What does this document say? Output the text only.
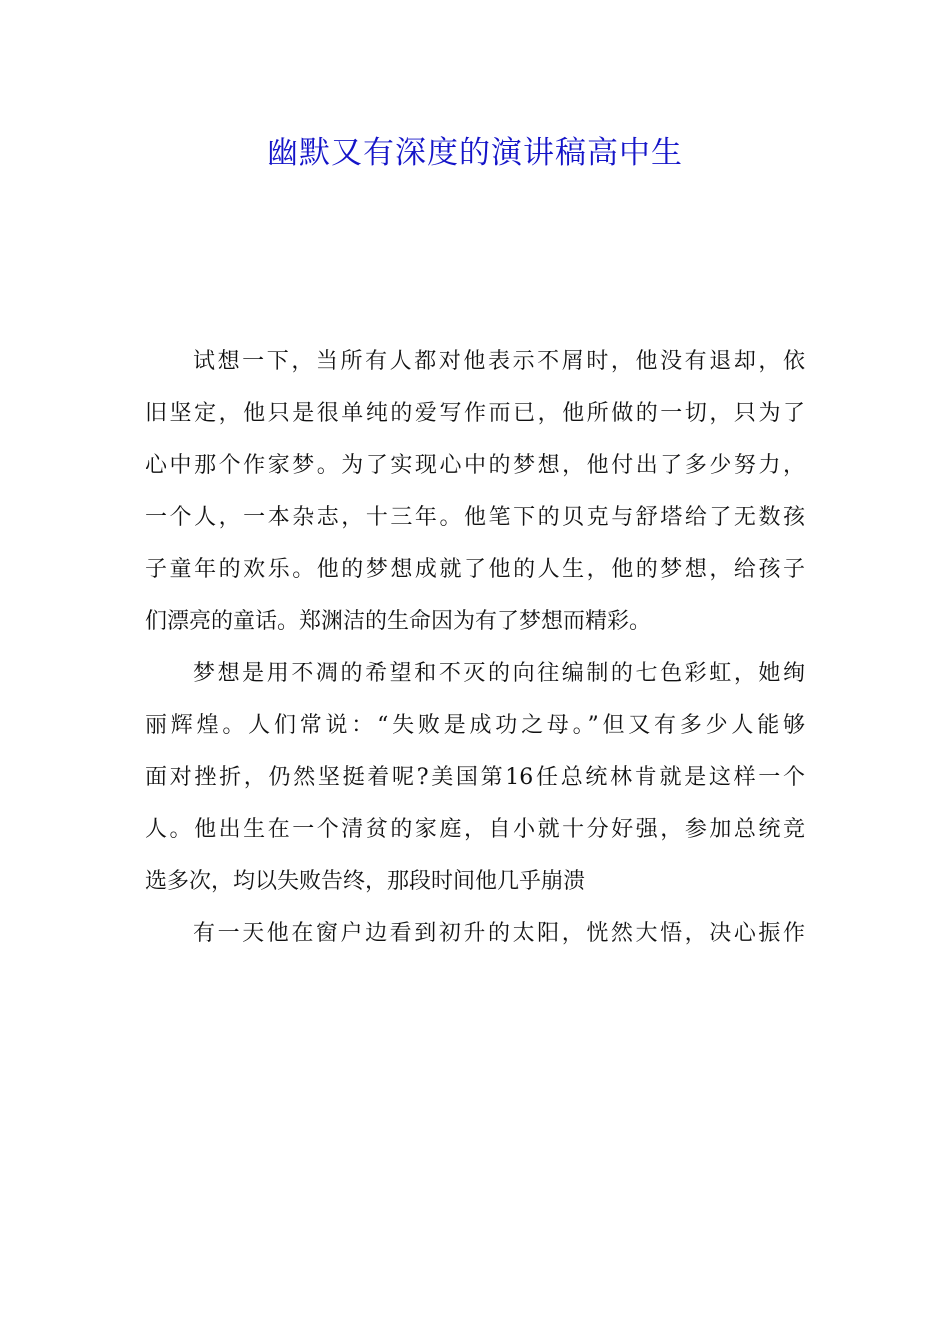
幽默又有深度的演讲稿高中生
试想一下，当所有人都对他表示不屑时，他没有退却，依
旧坚定，他只是很单纯的爱写作而已，他所做的一切，只为了
心中那个作家梦。为了实现心中的梦想，他付出了多少努力，
一个人，一本杂志，十三年。他笔下的贝克与舒塔给了无数孩
子童年的欢乐。他的梦想成就了他的人生，他的梦想，给孩子
们漂亮的童话。郑渊洁的生命因为有了梦想而精彩。
梦想是用不凋的希望和不灭的向往编制的七色彩虹，她绚
丽辉煌。人们常说：“失败是成功之母。”但又有多少人能够
面对挫折，仍然坚挺着呢?美国第16任总统林肯就是这样一个
人。他出生在一个清贫的家庭，自小就十分好强，参加总统竞
选多次，均以失败告终，那段时间他几乎崩溃
有一天他在窗户边看到初升的太阳，恍然大悟，决心振作
